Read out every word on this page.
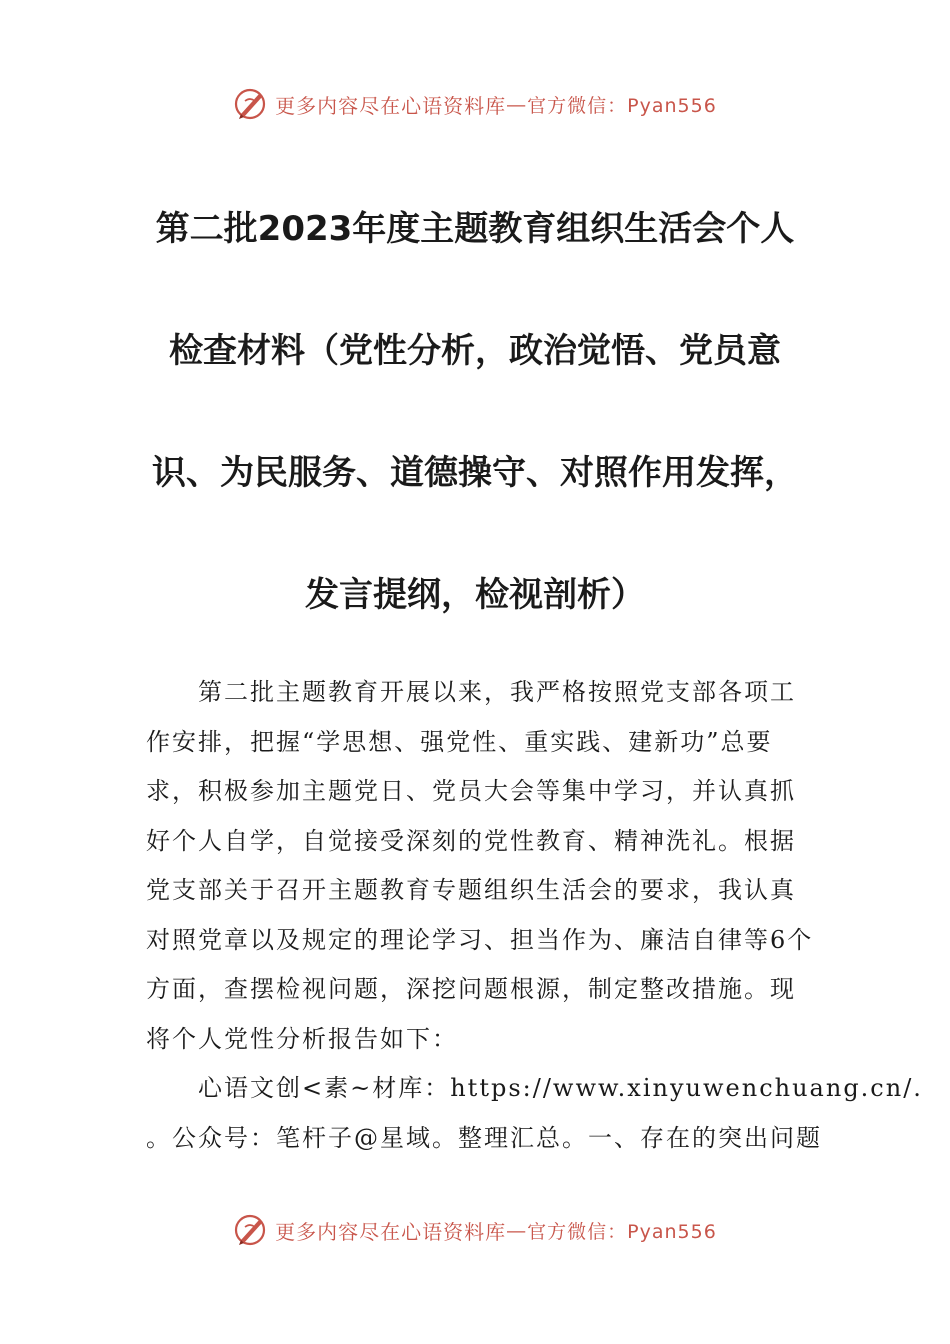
更多内容尽在心语资料库 — 官方微信：Pyan556
第二批2023年度主题教育组织生活会个人
检查材料（党性分析，政治觉悟、党员意
识、为民服务、道德操守、对照作用发挥，
发言提纲，检视剖析）
第二批主题教育开展以来，我严格按照党支部各项工
作安排，把握“学思想、强党性、重实践、建新功”总要
求，积极参加主题党日、党员大会等集中学习，并认真抓
好个人自学，自觉接受深刻的党性教育、精神洗礼。根据
党支部关于召开主题教育专题组织生活会的要求，我认真
对照党章以及规定的理论学习、担当作为、廉洁自律等6个
方面，查摆检视问题，深挖问题根源，制定整改措施。现
将个人党性分析报告如下：
心语文创<素~材库：https://www.xinyuwenchuang.cn/.
。公众号：笔杆子@星域。整理汇总。一、存在的突出问题
更多内容尽在心语资料库 — 官方微信：Pyan556
